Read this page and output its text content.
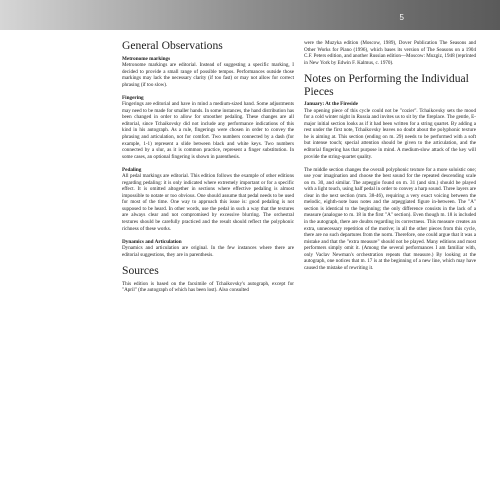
5
General Observations
Metronome markings

Metronome markings are editorial. Instead of suggesting a specific marking, I decided to provide a small range of possible tempos. Performances outside those markings may lack the necessary clarity (if too fast) or may not allow for correct phrasing (if too slow).

Fingering

Fingerings are editorial and have in mind a medium-sized hand. Some adjustments may need to be made for smaller hands. In some instances, the hand distribution has been changed in order to allow for smoother pedaling. These changes are all editorial, since Tchaikovsky did not include any performance indications of this kind in his autograph. As a rule, fingerings were chosen in order to convey the phrasing and articulation, not for comfort. Two numbers connected by a dash (for example, 1-1) represent a slide between black and white keys. Two numbers connected by a slur, as it is common practice, represent a finger substitution. In some cases, an optional fingering is shown in parenthesis.

Pedaling

All pedal markings are editorial. This edition follows the example of other editions regarding pedaling: it is only indicated where extremely important or for a specific effect. It is omitted altogether in sections where effective pedaling is almost impossible to notate or too obvious. One should assume that pedal needs to be used for most of the time. One way to approach this issue is: good pedaling is not supposed to be heard. In other words, use the pedal in such a way that the textures are always clear and not compromised by excessive blurring. The orchestral textures should be carefully practiced and the result should reflect the polyphonic richness of these works.

Dynamics and Articulation

Dynamics and articulation are original. In the few instances where there are editorial suggestions, they are in parenthesis.

Sources

This edition is based on the facsimile of Tchaikovsky's autograph, except for "April" (the autograph of which has been lost). Also consulted

were the Muzyka edition (Moscow, 1989), Dover Publication The Seasons and Other Works for Piano (1996), which bases its version of The Seasons on a 1904 C.F. Peters edition, and another Russian edition—Moscow: Muzgiz, 1948 (reprinted in New York by Edwin F. Kalmus, c. 1970).

Notes on Performing the Individual Pieces
January: At the Fireside

The opening piece of this cycle could not be "cozier". Tchaikovsky sets the mood for a cold winter night in Russia and invites us to sit by the fireplace. The gentle, E-major initial section looks as if it had been written for a string quartet. By adding a rest under the first note, Tchaikovsky leaves no doubt about the polyphonic texture he is aiming at. This section (ending on m. 29) needs to be performed with a soft but intense touch; special attention should be given to the articulation, and the editorial fingering has that purpose in mind. A medium-slow attack of the key will provide the string-quartet quality.

The middle section changes the overall polyphonic texture for a more soloistic one; use your imagination and choose the best sound for the repeated descending scale on m. 30, and similar. The arpeggio found on m. 31 (and sim.) should be played with a light touch, using half pedal in order to convey a harp sound. Three layers are clear in the next section (mm. 38-46), requiring a very exact voicing between the melodic, eighth-note bass notes and the arpeggiated figure in-between. The "A" section is identical to the beginning; the only difference consists in the lack of a measure (analogue to m. 18 in the first "A" section). Even though m. 18 is included in the autograph, there are doubts regarding its correctness. This measure creates an extra, unnecessary repetition of the motive; in all the other pieces from this cycle, there are no such departures from the norm. Therefore, one could argue that it was a mistake and that the "extra measure" should not be played. Many editions and most performers simply omit it. (Among the several performances I am familiar with, only Vaclav Newman's orchestration repeats that measure.) By looking at the autograph, one notices that m. 17 is at the beginning of a new line, which may have caused the mistake of rewriting it.
